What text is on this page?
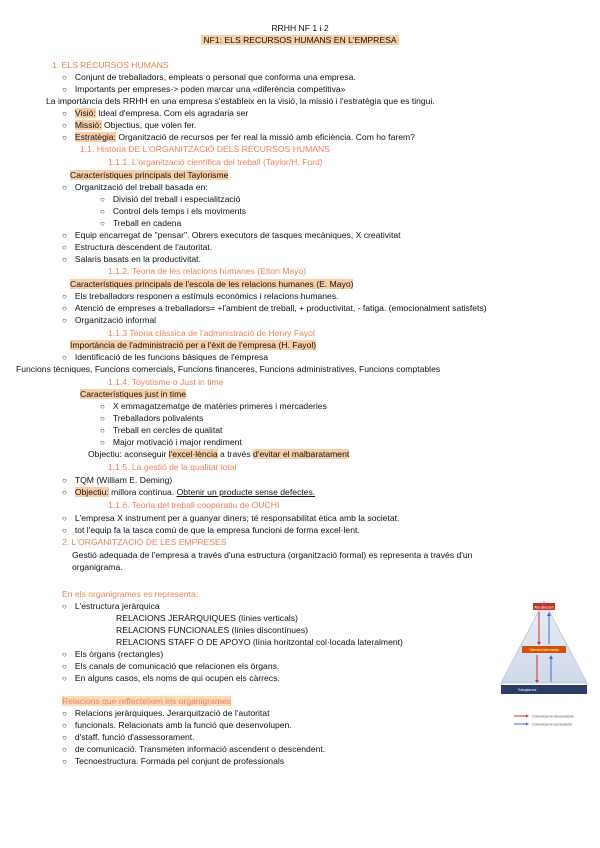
RRHH NF 1 i 2
NF1: ELS RECURSOS HUMANS EN L'EMPRESA
1. ELS RECURSOS HUMANS
○ Conjunt de treballadors, empleats o personal que conforma una empresa.
○ Importants per empreses-> poden marcar una «diferència competitiva»
La importància dels RRHH en una empresa s'estableix en la visió, la missió i l'estratègia que es tingui.
○ Visió: Ideal d'empresa. Com els agradaria ser
○ Missió: Objectius, que volen fer.
○ Estratègia: Organització de recursos per fer real la missió amb eficiència. Com ho farem?
1.1. Història DE L'ORGANITZACIÓ DELS RECURSOS HUMANS
1.1.1. L'organització científica del treball (Taylor/H. Ford)
Característiques principals del Taylorisme
○ Organització del treball basada en:
○ Divisió del treball i especialització
○ Control dels temps i els moviments
○ Treball en cadena
○ Equip encarregat de "pensar". Obrers executors de tasques mecàniques, X creativitat
○ Estructura descendent de l'autoritat.
○ Salaris basats en la productivitat.
1.1.2. Teoria de les relacions humanes (Elton Mayo)
Característiques principals de l'escola de les relacions humanes (E. Mayo)
○ Els treballadors responen a estímuls econòmics i relacions humanes.
○ Atenció de empreses a treballadors= +l'ambient de treball, + productivitat, - fatiga. (emocionalment satisfets)
○ Organització informal
1.1.3 Teoria clàssica de l'administració de Henry Fayol
Importància de l'administració per a l'èxit de l'empresa (H. Fayol)
○ Identificació de les funcions bàsiques de l'empresa
Funcions tècniques, Funcions comercials, Funcions financeres, Funcions administratives, Funcions comptables
1.1.4. Toyotisme o Just in time
Característiques just in time
○ X emmagatzematge de matèries primeres i mercaderies
○ Treballadors polivalents
○ Treball en cercles de qualitat
○ Major motivació i major rendiment
Objectiu: aconseguir l'excel·lència a través d'evitar el malbaratament
1.1.5. La gestió de la qualitat total
○ TQM (William E. Deming)
○ Objectiu: millora contínua. Obtenir un producte sense defectes.
1.1.6. Teoria del treball cooperatiu de OUCHI
○ L'empresa X instrument per a guanyar diners; té responsabilitat ètica amb la societat.
○ tot l'equip fa la tasca comú de que la empresa funcioni de forma excel·lent.
2. L'ORGANITZACIÓ DE LES EMPRESES
Gestió adequada de l'empresa a través d'una estructura (organització formal) es representa a través d'un
organigrama.
En els organigrames es representa:
○ L'estructura jeràrquica
RELACIONS JERÀRQUIQUES (línies verticals)
RELACIONS FUNCIONALES (línies discontínues)
RELACIONS STAFF O DE APOYO (línia horitzontal col·locada lateralment)
○ Els òrgans (rectangles)
○ Els canals de comunicació que relacionen els òrgans.
○ En alguns casos, els noms de qui ocupen els càrrecs.
Relacions que reflecteixen els organigrames
○ Relacions jeràrquiques. Jerarquització de l'autoritat
○ funcionals. Relacionats amb la funció que desenvolupen.
○ d'staff. funció d'assessorament.
○ de comunicació. Transmeten informació ascendent o descendent.
○ Tecnoestructura. Formada pel conjunt de professionals
Alta dirección
Dirección intermedia
Trabajadores
Comunicación descendente
Comunicación ascendente
